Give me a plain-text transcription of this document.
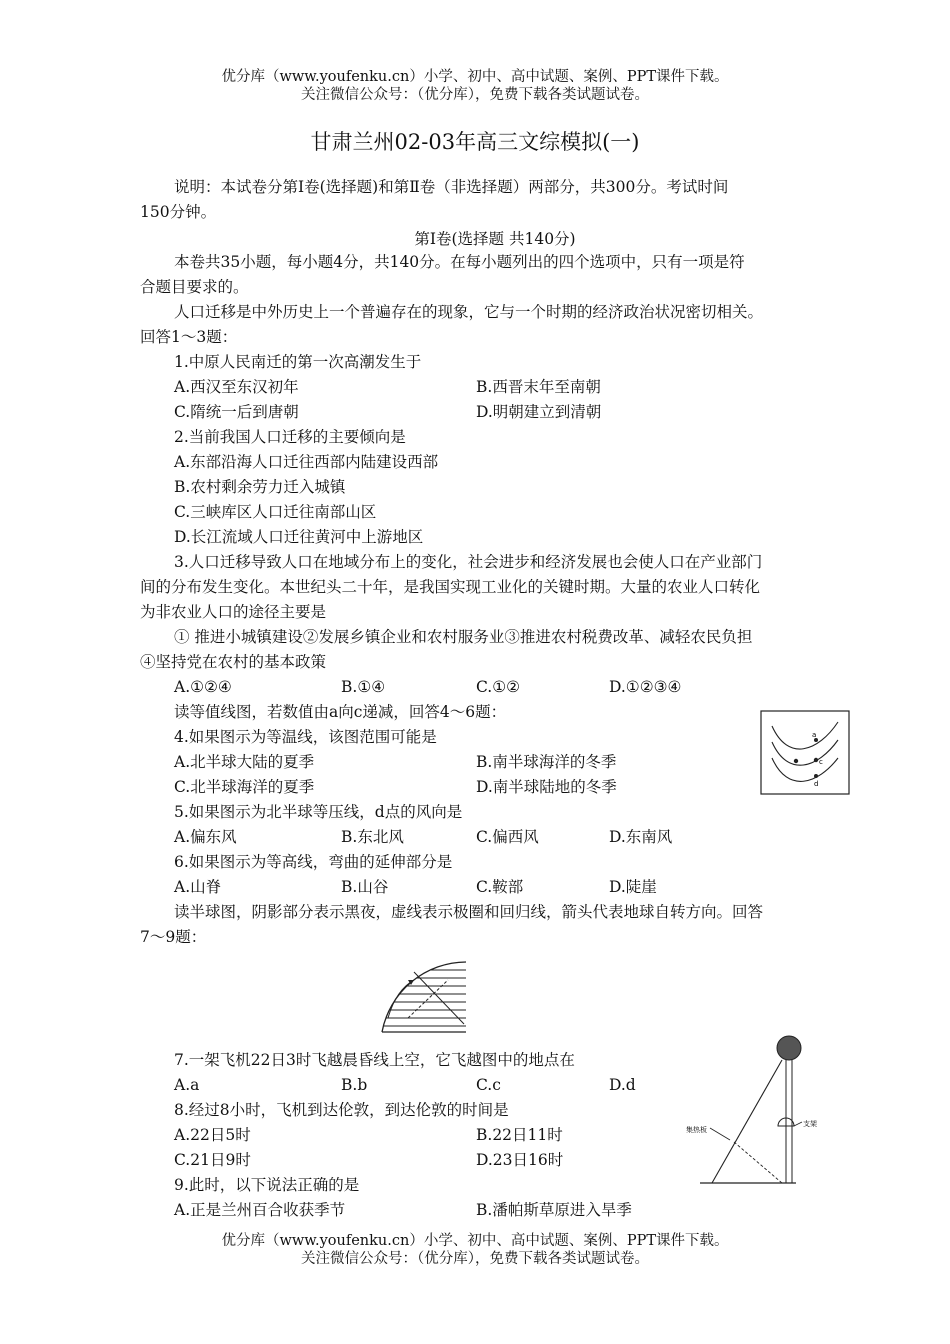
优分库（www.youfenku.cn）小学、初中、高中试题、案例、PPT课件下载。
关注微信公众号：（优分库），免费下载各类试题试卷。
甘肃兰州02-03年高三文综模拟(一)
说明：本试卷分第Ⅰ卷(选择题)和第Ⅱ卷（非选择题）两部分，共300分。考试时间
150分钟。
第Ⅰ卷(选择题 共140分)
本卷共35小题，每小题4分，共140分。在每小题列出的四个选项中，只有一项是符
合题目要求的。
人口迁移是中外历史上一个普遍存在的现象，它与一个时期的经济政治状况密切相关。
回答1～3题：
1.中原人民南迁的第一次高潮发生于
A.西汉至东汉初年	B.西晋末年至南朝
C.隋统一后到唐朝	D.明朝建立到清朝
2.当前我国人口迁移的主要倾向是
A.东部沿海人口迁往西部内陆建设西部
B.农村剩余劳力迁入城镇
C.三峡库区人口迁往南部山区
D.长江流域人口迁往黄河中上游地区
3.人口迁移导致人口在地域分布上的变化，社会进步和经济发展也会使人口在产业部门
间的分布发生变化。本世纪头二十年，是我国实现工业化的关键时期。大量的农业人口转化
为非农业人口的途径主要是
① 推进小城镇建设②发展乡镇企业和农村服务业③推进农村税费改革、减轻农民负担
④坚持党在农村的基本政策
A.①②④	B.①④	C.①②	D.①②③④
读等值线图，若数值由a向c递减，回答4～6题：
4.如果图示为等温线，该图范围可能是
A.北半球大陆的夏季	B.南半球海洋的冬季
C.北半球海洋的夏季	D.南半球陆地的冬季
5.如果图示为北半球等压线，d点的风向是
A.偏东风	B.东北风	C.偏西风	D.东南风
6.如果图示为等高线，弯曲的延伸部分是
A.山脊	B.山谷	C.鞍部	D.陡崖
读半球图，阴影部分表示黑夜，虚线表示极圈和回归线，箭头代表地球自转方向。回答
7～9题：
7.一架飞机22日3时飞越晨昏线上空，它飞越图中的地点在
A.a	B.b	C.c	D.d
8.经过8小时，飞机到达伦敦，到达伦敦的时间是
A.22日5时	B.22日11时
C.21日9时	D.23日16时
9.此时，以下说法正确的是
A.正是兰州百合收获季节	B.潘帕斯草原进入旱季
a
c
d
集热板
支架
优分库（www.youfenku.cn）小学、初中、高中试题、案例、PPT课件下载。
关注微信公众号：（优分库），免费下载各类试题试卷。
